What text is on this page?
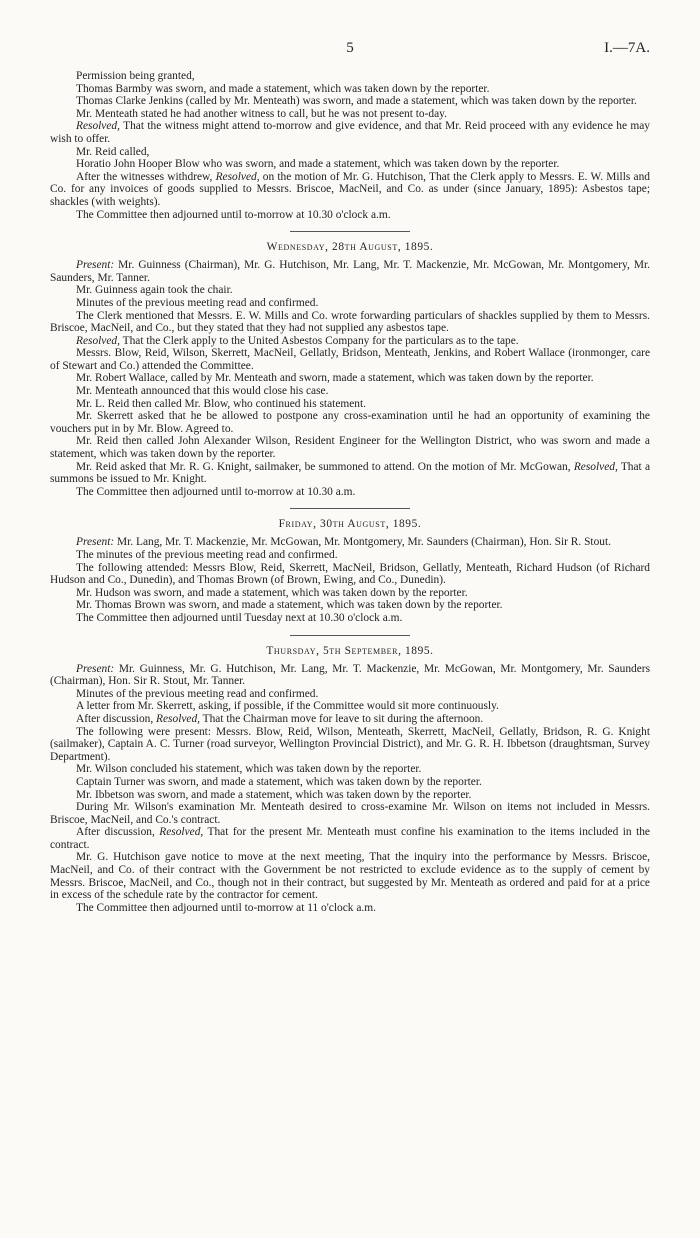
5	I.—7A.

Permission being granted,

Thomas Barmby was sworn, and made a statement, which was taken down by the reporter.

Thomas Clarke Jenkins (called by Mr. Menteath) was sworn, and made a statement, which was taken down by the reporter.

Mr. Menteath stated he had another witness to call, but he was not present to-day.

Resolved, That the witness might attend to-morrow and give evidence, and that Mr. Reid proceed with any evidence he may wish to offer.

Mr. Reid called,

Horatio John Hooper Blow who was sworn, and made a statement, which was taken down by the reporter.

After the witnesses withdrew, Resolved, on the motion of Mr. G. Hutchison, That the Clerk apply to Messrs. E. W. Mills and Co. for any invoices of goods supplied to Messrs. Briscoe, MacNeil, and Co. as under (since January, 1895): Asbestos tape; shackles (with weights).

The Committee then adjourned until to-morrow at 10.30 o'clock a.m.

Wednesday, 28th August, 1895.

Present: Mr. Guinness (Chairman), Mr. G. Hutchison, Mr. Lang, Mr. T. Mackenzie, Mr. McGowan, Mr. Montgomery, Mr. Saunders, Mr. Tanner.

Mr. Guinness again took the chair.

Minutes of the previous meeting read and confirmed.

The Clerk mentioned that Messrs. E. W. Mills and Co. wrote forwarding particulars of shackles supplied by them to Messrs. Briscoe, MacNeil, and Co., but they stated that they had not supplied any asbestos tape.

Resolved, That the Clerk apply to the United Asbestos Company for the particulars as to the tape.

Messrs. Blow, Reid, Wilson, Skerrett, MacNeil, Gellatly, Bridson, Menteath, Jenkins, and Robert Wallace (ironmonger, care of Stewart and Co.) attended the Committee.

Mr. Robert Wallace, called by Mr. Menteath and sworn, made a statement, which was taken down by the reporter.

Mr. Menteath announced that this would close his case.

Mr. L. Reid then called Mr. Blow, who continued his statement.

Mr. Skerrett asked that he be allowed to postpone any cross-examination until he had an opportunity of examining the vouchers put in by Mr. Blow. Agreed to.

Mr. Reid then called John Alexander Wilson, Resident Engineer for the Wellington District, who was sworn and made a statement, which was taken down by the reporter.

Mr. Reid asked that Mr. R. G. Knight, sailmaker, be summoned to attend. On the motion of Mr. McGowan, Resolved, That a summons be issued to Mr. Knight.

The Committee then adjourned until to-morrow at 10.30 a.m.

Friday, 30th August, 1895.

Present: Mr. Lang, Mr. T. Mackenzie, Mr. McGowan, Mr. Montgomery, Mr. Saunders (Chairman), Hon. Sir R. Stout.

The minutes of the previous meeting read and confirmed.

The following attended: Messrs Blow, Reid, Skerrett, MacNeil, Bridson, Gellatly, Menteath, Richard Hudson (of Richard Hudson and Co., Dunedin), and Thomas Brown (of Brown, Ewing, and Co., Dunedin).

Mr. Hudson was sworn, and made a statement, which was taken down by the reporter.

Mr. Thomas Brown was sworn, and made a statement, which was taken down by the reporter.

The Committee then adjourned until Tuesday next at 10.30 o'clock a.m.

Thursday, 5th September, 1895.

Present: Mr. Guinness, Mr. G. Hutchison, Mr. Lang, Mr. T. Mackenzie, Mr. McGowan, Mr. Montgomery, Mr. Saunders (Chairman), Hon. Sir R. Stout, Mr. Tanner.

Minutes of the previous meeting read and confirmed.

A letter from Mr. Skerrett, asking, if possible, if the Committee would sit more continuously.

After discussion, Resolved, That the Chairman move for leave to sit during the afternoon.

The following were present: Messrs. Blow, Reid, Wilson, Menteath, Skerrett, MacNeil, Gellatly, Bridson, R. G. Knight (sailmaker), Captain A. C. Turner (road surveyor, Wellington Provincial District), and Mr. G. R. H. Ibbetson (draughtsman, Survey Department).

Mr. Wilson concluded his statement, which was taken down by the reporter.

Captain Turner was sworn, and made a statement, which was taken down by the reporter.

Mr. Ibbetson was sworn, and made a statement, which was taken down by the reporter.

During Mr. Wilson's examination Mr. Menteath desired to cross-examine Mr. Wilson on items not included in Messrs. Briscoe, MacNeil, and Co.'s contract.

After discussion, Resolved, That for the present Mr. Menteath must confine his examination to the items included in the contract.

Mr. G. Hutchison gave notice to move at the next meeting, That the inquiry into the performance by Messrs. Briscoe, MacNeil, and Co. of their contract with the Government be not restricted to exclude evidence as to the supply of cement by Messrs. Briscoe, MacNeil, and Co., though not in their contract, but suggested by Mr. Menteath as ordered and paid for at a price in excess of the schedule rate by the contractor for cement.

The Committee then adjourned until to-morrow at 11 o'clock a.m.
